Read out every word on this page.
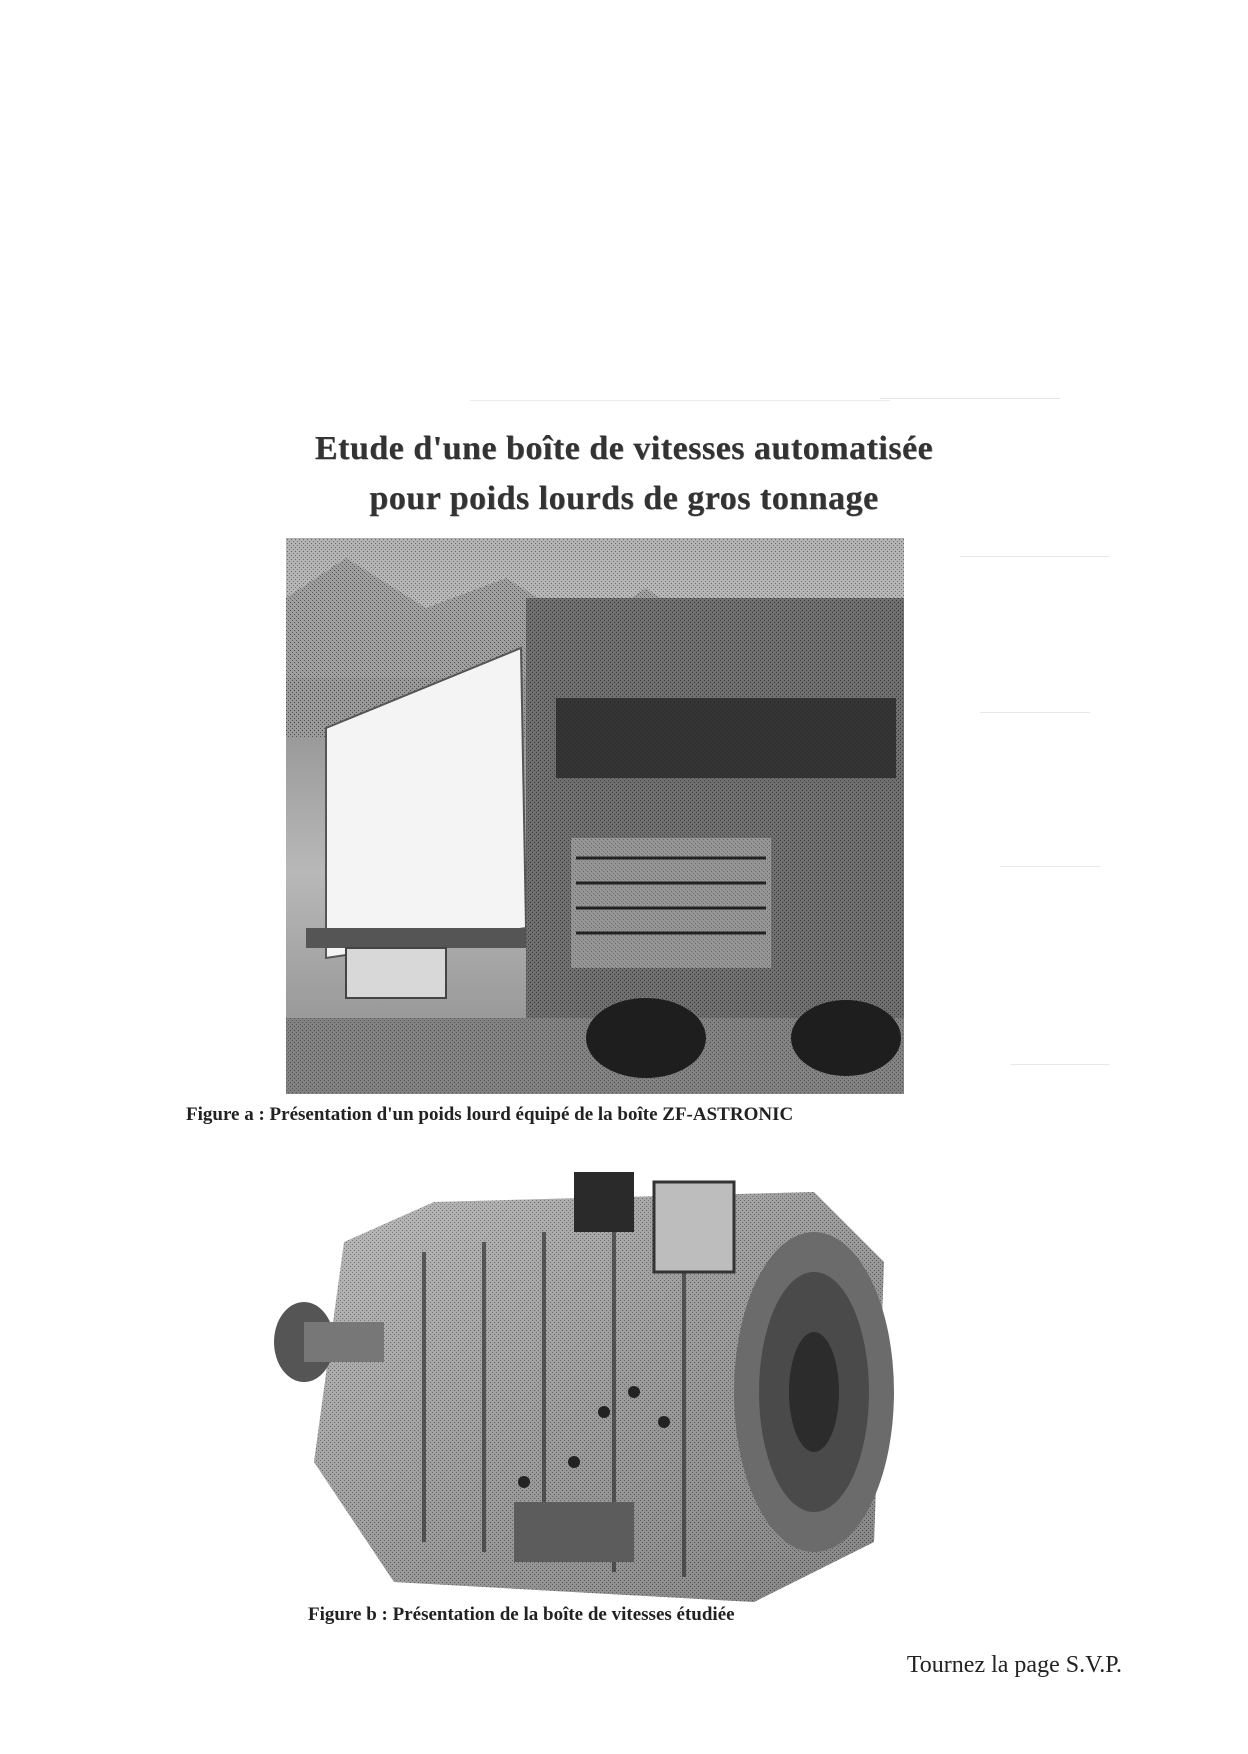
Etude d'une boîte de vitesses automatisée
pour poids lourds de gros tonnage
Figure a : Présentation d'un poids lourd équipé de la boîte ZF-ASTRONIC
Figure b : Présentation de la boîte de vitesses étudiée
Tournez la page S.V.P.
